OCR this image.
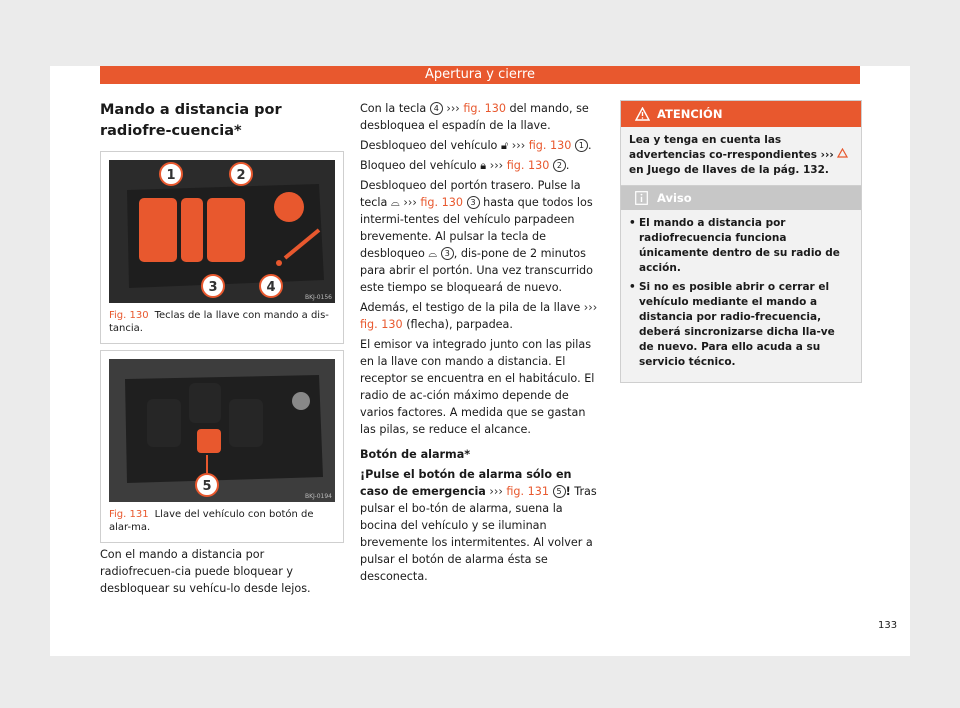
Apertura y cierre
Mando a distancia por radiofre-cuencia*
1	2
3	4
BKJ-0156
Fig. 130 Teclas de la llave con mando a dis-tancia.
5
BKJ-0194
Fig. 131 Llave del vehículo con botón de alar-ma.
Con el mando a distancia por radiofrecuen-cia puede bloquear y desbloquear su vehícu-lo desde lejos.

Con la tecla 4 ››› fig. 130 del mando, se desbloquea el espadín de la llave.

Desbloqueo del vehículo 🔓︎ ››› fig. 130 1 .

Bloqueo del vehículo 🔒︎ ››› fig. 130 2 .

Desbloqueo del portón trasero. Pulse la tecla ⌓ ››› fig. 130 3 hasta que todos los intermi-tentes del vehículo parpadeen brevemente. Al pulsar la tecla de desbloqueo ⌓ 3 , dis-pone de 2 minutos para abrir el portón. Una vez transcurrido este tiempo se bloqueará de nuevo.

Además, el testigo de la pila de la llave ››› fig. 130 (flecha), parpadea.

El emisor va integrado junto con las pilas en la llave con mando a distancia. El receptor se encuentra en el habitáculo. El radio de ac-ción máximo depende de varios factores. A medida que se gastan las pilas, se reduce el alcance.

Botón de alarma*

¡Pulse el botón de alarma sólo en caso de emergencia ››› fig. 131 5 ! Tras pulsar el bo-tón de alarma, suena la bocina del vehículo y se iluminan brevemente los intermitentes. Al volver a pulsar el botón de alarma ésta se desconecta.

ATENCIÓN
Lea y tenga en cuenta las advertencias co-rrespondientes ›››  en Juego de llaves de la pág. 132.
Aviso
• El mando a distancia por radiofrecuencia funciona únicamente dentro de su radio de acción.
• Si no es posible abrir o cerrar el vehículo mediante el mando a distancia por radio-frecuencia, deberá sincronizarse dicha lla-ve de nuevo. Para ello acuda a su servicio técnico.
133
